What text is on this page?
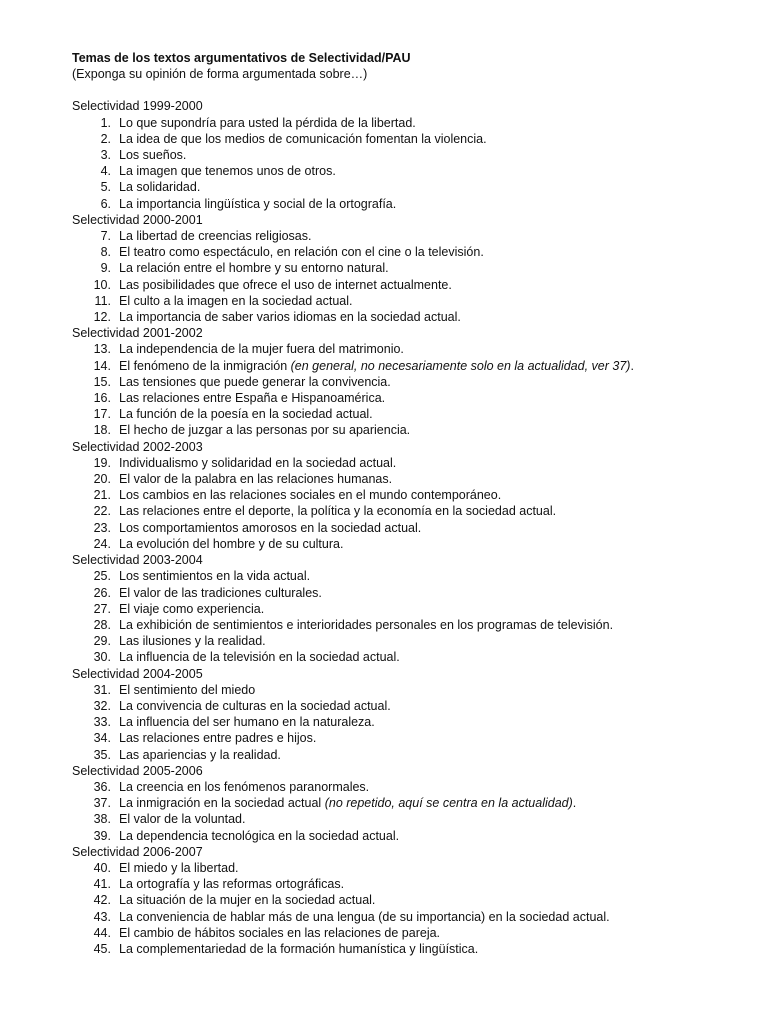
Temas de los textos argumentativos de Selectividad/PAU

(Exponga su opinión de forma argumentada sobre…)

Selectividad 1999-2000

1. Lo que supondría para usted la pérdida de la libertad.
2. La idea de que los medios de comunicación fomentan la violencia.
3. Los sueños.
4. La imagen que tenemos unos de otros.
5. La solidaridad.
6. La importancia lingüística y social de la ortografía.

Selectividad 2000-2001

7. La libertad de creencias religiosas.
8. El teatro como espectáculo, en relación con el cine o la televisión.
9. La relación entre el hombre y su entorno natural.
10. Las posibilidades que ofrece el uso de internet actualmente.
11. El culto a la imagen en la sociedad actual.
12. La importancia de saber varios idiomas en la sociedad actual.

Selectividad 2001-2002

13. La independencia de la mujer fuera del matrimonio.
14. El fenómeno de la inmigración (en general, no necesariamente solo en la actualidad, ver 37).
15. Las tensiones que puede generar la convivencia.
16. Las relaciones entre España e Hispanoamérica.
17. La función de la poesía en la sociedad actual.
18. El hecho de juzgar a las personas por su apariencia.

Selectividad 2002-2003

19. Individualismo y solidaridad en la sociedad actual.
20. El valor de la palabra en las relaciones humanas.
21. Los cambios en las relaciones sociales en el mundo contemporáneo.
22. Las relaciones entre el deporte, la política y la economía en la sociedad actual.
23. Los comportamientos amorosos en la sociedad actual.
24. La evolución del hombre y de su cultura.

Selectividad 2003-2004

25. Los sentimientos en la vida actual.
26. El valor de las tradiciones culturales.
27. El viaje como experiencia.
28. La exhibición de sentimientos e interioridades personales en los programas de televisión.
29. Las ilusiones y la realidad.
30. La influencia de la televisión en la sociedad actual.

Selectividad 2004-2005

31. El sentimiento del miedo
32. La convivencia de culturas en la sociedad actual.
33. La influencia del ser humano en la naturaleza.
34. Las relaciones entre padres e hijos.
35. Las apariencias y la realidad.

Selectividad 2005-2006

36. La creencia en los fenómenos paranormales.
37. La inmigración en la sociedad actual (no repetido, aquí se centra en la actualidad).
38. El valor de la voluntad.
39. La dependencia tecnológica en la sociedad actual.

Selectividad 2006-2007

40. El miedo y la libertad.
41. La ortografía y las reformas ortográficas.
42. La situación de la mujer en la sociedad actual.
43. La conveniencia de hablar más de una lengua (de su importancia) en la sociedad actual.
44. El cambio de hábitos sociales en las relaciones de pareja.
45. La complementariedad de la formación humanística y lingüística.
